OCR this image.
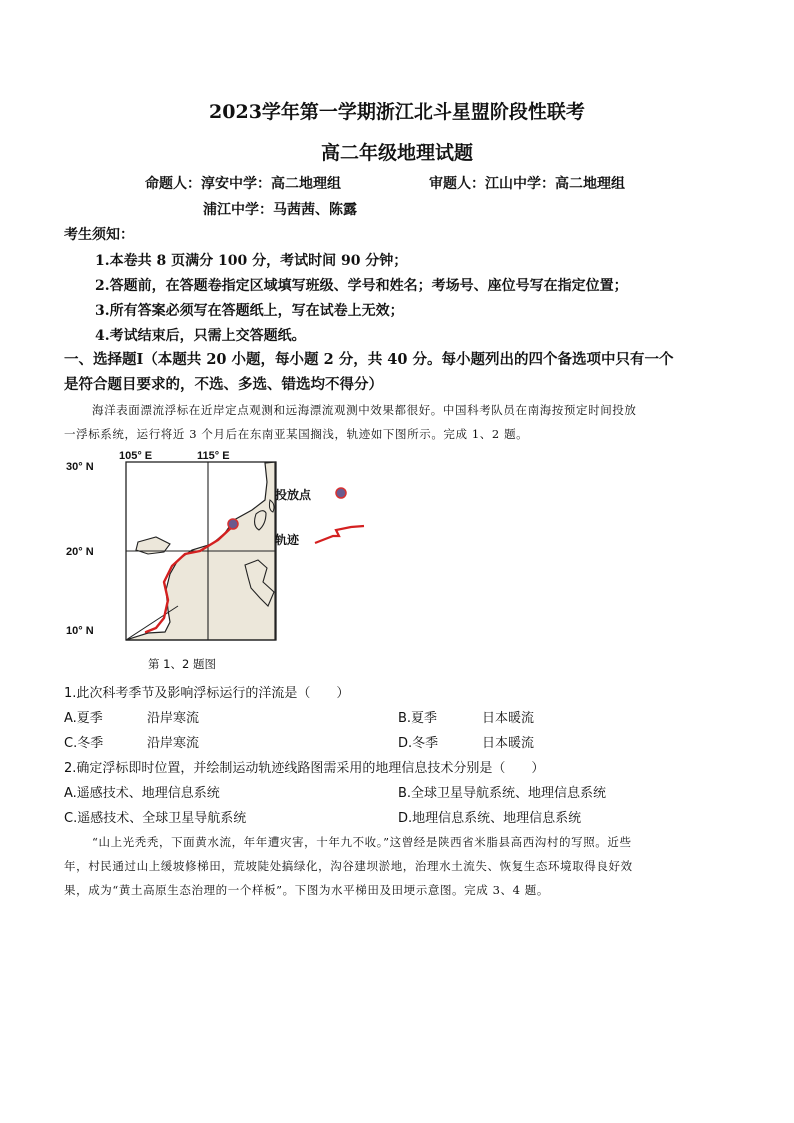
2023学年第一学期浙江北斗星盟阶段性联考
高二年级地理试题
命题人：淳安中学：高二地理组	审题人：江山中学：高二地理组
浦江中学：马茜茜、陈露
考生须知：
1.本卷共 8 页满分 100 分，考试时间 90 分钟；
2.答题前，在答题卷指定区域填写班级、学号和姓名；考场号、座位号写在指定位置；
3.所有答案必须写在答题纸上，写在试卷上无效；
4.考试结束后，只需上交答题纸。
一、选择题Ⅰ（本题共 20 小题，每小题 2 分，共 40 分。每小题列出的四个备选项中只有一个
是符合题目要求的，不选、多选、错选均不得分）
海洋表面漂流浮标在近岸定点观测和远海漂流观测中效果都很好。中国科考队员在南海按预定时间投放
一浮标系统，运行将近 3 个月后在东南亚某国搁浅，轨迹如下图所示。完成 1、2 题。
105° E	115° E
30° N
20° N
10° N
投放点
轨迹
第 1、2 题图
1.此次科考季节及影响浮标运行的洋流是（　　）
A.夏季	沿岸寒流	B.夏季	日本暖流
C.冬季	沿岸寒流	D.冬季	日本暖流
2.确定浮标即时位置，并绘制运动轨迹线路图需采用的地理信息技术分别是（　　）
A.遥感技术、地理信息系统	B.全球卫星导航系统、地理信息系统
C.遥感技术、全球卫星导航系统	D.地理信息系统、地理信息系统
“山上光秃秃，下面黄水流，年年遭灾害，十年九不收。”这曾经是陕西省米脂县高西沟村的写照。近些
年，村民通过山上缓坡修梯田，荒坡陡处搞绿化，沟谷建坝淤地，治理水土流失、恢复生态环境取得良好效
果，成为“黄土高原生态治理的一个样板”。下图为水平梯田及田埂示意图。完成 3、4 题。
